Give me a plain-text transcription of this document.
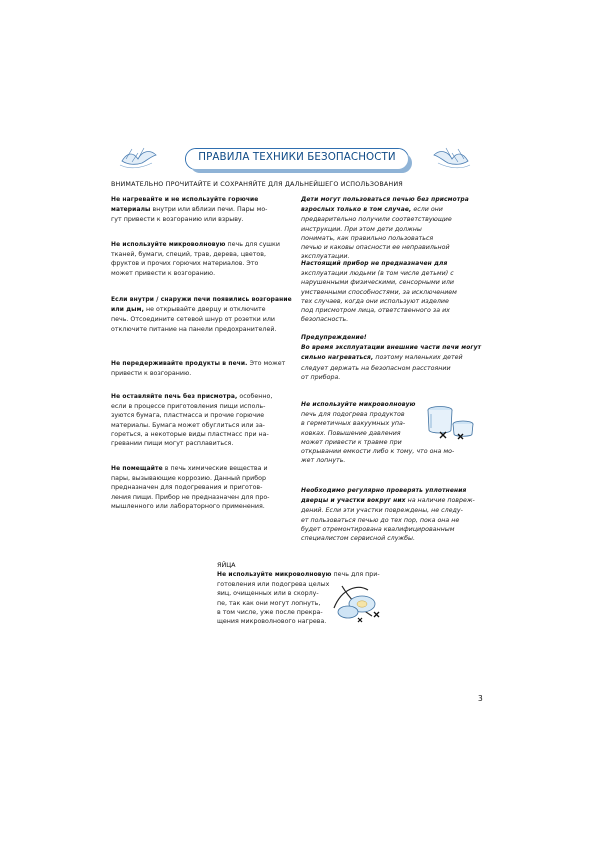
ПРАВИЛА ТЕХНИКИ БЕЗОПАСНОСТИ
ВНИМАТЕЛЬНО ПРОЧИТАЙТЕ И СОХРАНЯЙТЕ ДЛЯ ДАЛЬНЕЙШЕГО ИСПОЛЬЗОВАНИЯ
Не нагревайте и не используйте горючие
материалы внутри или вблизи печи. Пары мо-
гут привести к возгоранию или взрыву.
Не используйте микроволновую печь для сушки
тканей, бумаги, специй, трав, дерева, цветов,
фруктов и прочих горючих материалов. Это
может привести к возгоранию.
Если внутри / снаружи печи появились возгорание
или дым, не открывайте дверцу и отключите
печь. Отсоедините сетевой шнур от розетки или
отключите питание на панели предохранителей.
Не передерживайте продукты в печи. Это может
привести к возгоранию.
Не оставляйте печь без присмотра, особенно,
если в процессе приготовления пищи исполь-
зуются бумага, пластмасса и прочие горючие
материалы. Бумага может обуглиться или за-
гореться, а некоторые виды пластмасс при на-
гревании пищи могут расплавиться.
Не помещайте в печь химические вещества и
пары, вызывающие коррозию. Данный прибор
предназначен для подогревания и приготов-
ления пищи. Прибор не предназначен для про-
мышленного или лабораторного применения.
Дети могут пользоваться печью без присмотра
взрослых только в том случае, если они
предварительно получили соответствующие
инструкции. При этом дети должны
понимать, как правильно пользоваться
печью и каковы опасности ее неправильной
эксплуатации.
Настоящий прибор не предназначен для
эксплуатации людьми (в том числе детьми) с
нарушенными физическими, сенсорными или
умственными способностями, за исключением
тех случаев, когда они используют изделие
под присмотром лица, ответственного за их
безопасность.
Предупреждение!
Во время эксплуатации внешние части печи могут
сильно нагреваться, поэтому маленьких детей
следует держать на безопасном расстоянии
от прибора.
Не используйте микроволновую
печь для подогрева продуктов
в герметичных вакуумных упа-
ковках. Повышение давления
может привести к травме при
открывании емкости либо к тому, что она мо-
жет лопнуть.
Необходимо регулярно проверять уплотнения
дверцы и участки вокруг них на наличие повреж-
дений. Если эти участки повреждены, не следу-
ет пользоваться печью до тех пор, пока она не
будет отремонтирована квалифицированным
специалистом сервисной службы.
ЯЙЦА
Не используйте микроволновую печь для при-
готовления или подогрева целых
яиц, очищенных или в скорлу-
пе, так как они могут лопнуть,
в том числе, уже после прекра-
щения микроволнового нагрева.
3
